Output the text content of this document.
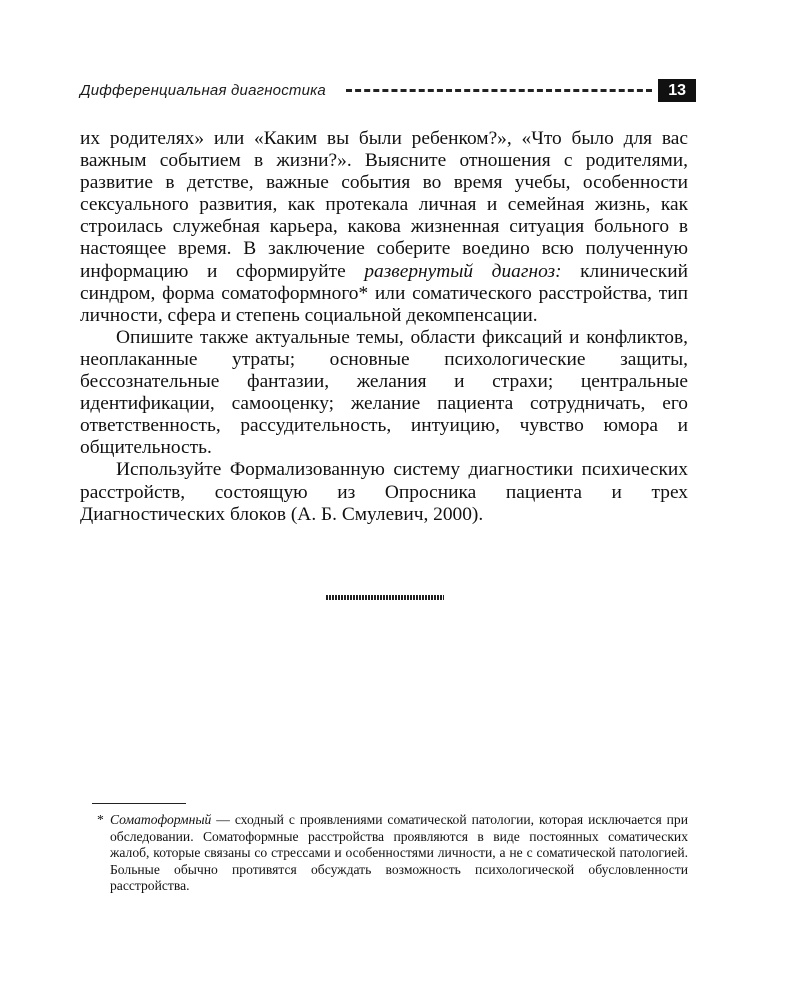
Дифференциальная диагностика	13

их родителях» или «Каким вы были ребенком?», «Что было для вас важным событием в жизни?». Выясните отношения с родителями, развитие в детстве, важные события во время учебы, особенности сексуального развития, как протекала личная и семейная жизнь, как строилась служебная карьера, какова жизненная ситуация больного в настоящее время. В заключение соберите воедино всю полученную информацию и сформируйте развернутый диагноз: клинический синдром, форма соматоформного* или соматического расстройства, тип личности, сфера и степень социальной декомпенсации.

Опишите также актуальные темы, области фиксаций и конфликтов, неоплаканные утраты; основные психологические защиты, бессознательные фантазии, желания и страхи; центральные идентификации, самооценку; желание пациента сотрудничать, его ответственность, рассудительность, интуицию, чувство юмора и общительность.

Используйте Формализованную систему диагностики психических расстройств, состоящую из Опросника пациента и трех Диагностических блоков (А. Б. Смулевич, 2000).

* Соматоформный — сходный с проявлениями соматической патологии, которая исключается при обследовании. Соматоформные расстройства проявляются в виде постоянных соматических жалоб, которые связаны со стрессами и особенностями личности, а не с соматической патологией. Больные обычно противятся обсуждать возможность психологической обусловленности расстройства.
